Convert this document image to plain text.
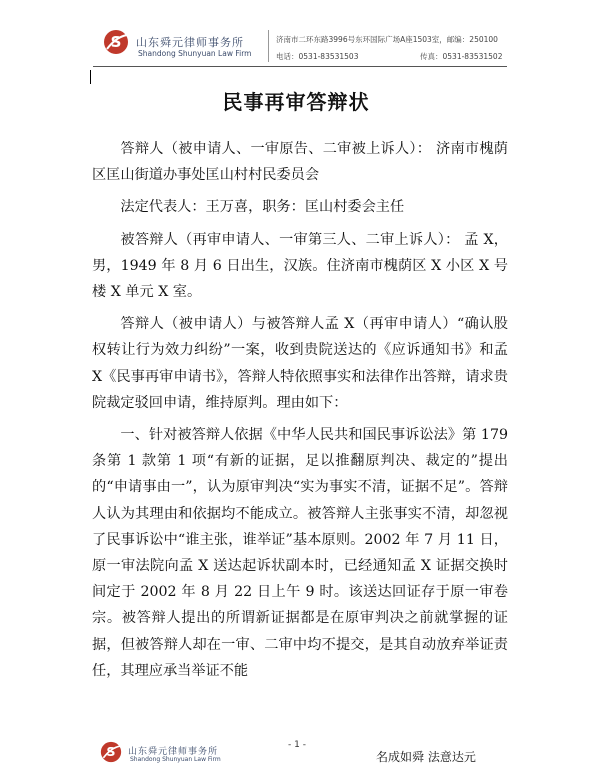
S 山东舜元律师事务所
Shandong Shunyuan Law Firm
济南市二环东路3996号东环国际广场A座1503室，邮编：250100
电话：0531-83531503	传真：0531-83531502
民事再审答辩状

答辩人（被申请人、一审原告、二审被上诉人）： 济南市槐荫区匡山街道办事处匡山村村民委员会

法定代表人：王万喜，职务：匡山村委会主任

被答辩人（再审申请人、一审第三人、二审上诉人）： 孟 X，男，1949 年 8 月 6 日出生，汉族。住济南市槐荫区 X 小区 X 号楼 X 单元 X 室。

答辩人（被申请人）与被答辩人孟 X（再审申请人）“确认股权转让行为效力纠纷”一案，收到贵院送达的《应诉通知书》和孟 X《民事再审申请书》，答辩人特依照事实和法律作出答辩，请求贵院裁定驳回申请，维持原判。理由如下：

一、针对被答辩人依据《中华人民共和国民事诉讼法》第 179 条第 1 款第 1 项“有新的证据，足以推翻原判决、裁定的”提出的“申请事由一”，认为原审判决“实为事实不清，证据不足”。答辩人认为其理由和依据均不能成立。被答辩人主张事实不清，却忽视了民事诉讼中“谁主张，谁举证”基本原则。2002 年 7 月 11 日，原一审法院向孟 X 送达起诉状副本时，已经通知孟 X 证据交换时间定于 2002 年 8 月 22 日上午 9 时。该送达回证存于原一审卷宗。被答辩人提出的所谓新证据都是在原审判决之前就掌握的证据，但被答辩人却在一审、二审中均不提交，是其自动放弃举证责任，其理应承当举证不能

S 山东舜元律师事务所
Shandong Shunyuan Law Firm
- 1 -
名成如舜 法意达元
